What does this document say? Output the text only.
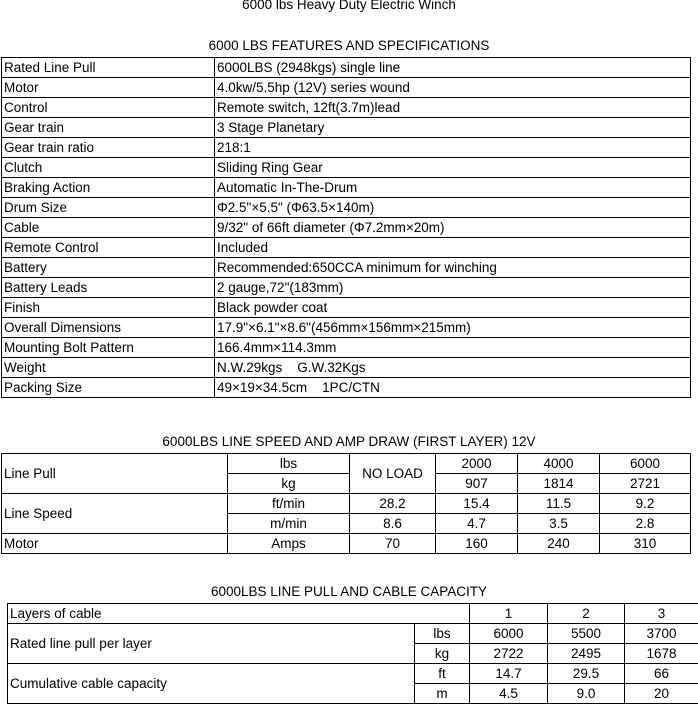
6000 lbs Heavy Duty Electric Winch
6000 LBS FEATURES AND SPECIFICATIONS
Rated Line Pull	6000LBS (2948kgs) single line
Motor	4.0kw/5.5hp (12V) series wound
Control	Remote switch, 12ft(3.7m)lead
Gear train	3 Stage Planetary
Gear train ratio	218:1
Clutch	Sliding Ring Gear
Braking Action	Automatic In-The-Drum
Drum Size	Φ2.5"×5.5" (Φ63.5×140m)
Cable	9/32" of 66ft diameter (Φ7.2mm×20m)
Remote Control	Included
Battery	Recommended:650CCA minimum for winching
Battery Leads	2 gauge,72"(183mm)
Finish	Black powder coat
Overall Dimensions	17.9"×6.1"×8.6"(456mm×156mm×215mm)
Mounting Bolt Pattern	166.4mm×114.3mm
Weight	N.W.29kgs    G.W.32Kgs
Packing Size	49×19×34.5cm    1PC/CTN
6000LBS LINE SPEED AND AMP DRAW (FIRST LAYER) 12V
Line Pull	lbs	NO LOAD	2000	4000	6000
	kg		907	1814	2721
Line Speed	ft/min	28.2	15.4	11.5	9.2
	m/min	8.6	4.7	3.5	2.8
Motor	Amps	70	160	240	310
6000LBS LINE PULL AND CABLE CAPACITY
Layers of cable		1	2	3
Rated line pull per layer	lbs	6000	5500	3700
	kg	2722	2495	1678
Cumulative cable capacity	ft	14.7	29.5	66
	m	4.5	9.0	20
